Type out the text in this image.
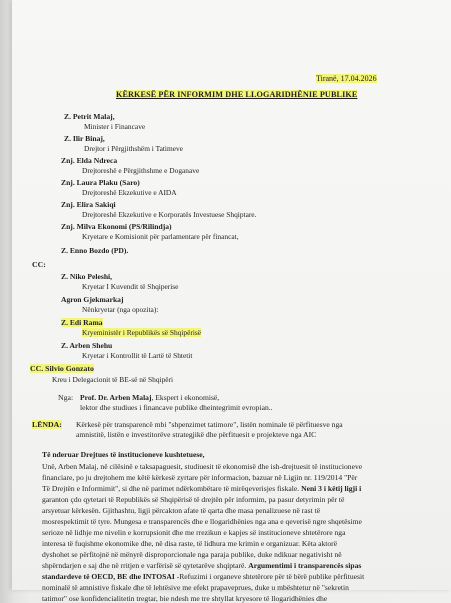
Tiranë, 17.04.2026
KËRKESË PËR INFORMIM DHE LLOGARIDHËNIE PUBLIKE
Z. Petrit Malaj,
Minister i Financave
Z. Ilir Binaj,
Drejtor i Përgjithshëm i Tatimeve
Znj. Elda Ndreca
Drejtoreshë e Përgjithshme e Doganave
Znj. Laura Plaku (Saro)
Drejtoreshë Ekzekutive e AIDA
Znj. Elira Sakiqi
Drejtoreshë Ekzekutive e Korporatës Investuese Shqiptare.
Znj. Milva Ekonomi (PS/Rilindja)
Kryetare e Komisionit për parlamentare për financat,
Z. Enno Bozdo (PD).
CC:
Z. Niko Peleshi,
Kryetar I Kuvendit të Shqiperise
Agron Gjekmarkaj
Nënkryetar (nga opozita):
Z. Edi Rama
Kryeministër i Republikës së Shqipërisë
Z. Arben Shehu
Kryetar i Kontrollit të Lartë të Shtetit
CC. Silvio Gonzato
Kreu i Delegacionit të BE-së në Shqipëri
Nga: Prof. Dr. Arben Malaj, Ekspert i ekonomisë,
lektor dhe studiues i financave publike dheintegrimit evropian..
LËNDA: Kërkesë për transparencë mbi "shpenzimet tatimore", listën nominale të përfituesve nga
amnistitë, listën e investitorëve strategjikë dhe përfituesit e projekteve nga AIC
Të nderuar Drejtues të institucioneve kushtetuese,
Unë, Arben Malaj, në cilësinë e taksapaguesit, studiuesit të ekonomisë dhe ish-drejtuesit të institucioneve
financiare, po ju drejtohem me këtë kërkesë zyrtare për informacion, bazuar në Ligjin nr. 119/2014 "Për
Të Drejtën e Informimit", si dhe në parimet ndërkombëtare të mirëqeverisjes fiskale. Neni 3 i këtij ligji i
garanton çdo qytetari të Republikës së Shqipërisë të drejtën për informim, pa pasur detyrimin për të
arsyetuar kërkesën. Gjithashtu, ligji përcakton afate të qarta dhe masa penalizuese në rast të
mosrespektimit të tyre. Mungesa e transparencës dhe e llogaridhënies nga ana e qeverisë ngre shqetësime
serioze në lidhje me nivelin e korrupsionit dhe me rrezikun e kapjes së institucioneve shtetërore nga
interesa të fuqishme ekonomike dhe, në disa raste, të lidhura me krimin e organizuar. Këta aktorë
dyshohet se përfitojnë në mënyrë disproporcionale nga paraja publike, duke ndikuar negativisht në
shpërndarjen e saj dhe në rritjen e varfërisë së qytetarëve shqiptarë. Argumentimi i transparencës sipas
standardeve të OECD, BE dhe INTOSAI -Refuzimi i organeve shtetërore për të bërë publike përfituesit
nominalë të amnistive fiskale dhe të lehtësive me efekt prapaveprues, duke u mbështetur në "sekretin
tatimor" ose konfidencialitetin tregtar, bie ndesh me tre shtyllat kryesore të llogaridhënies dhe
